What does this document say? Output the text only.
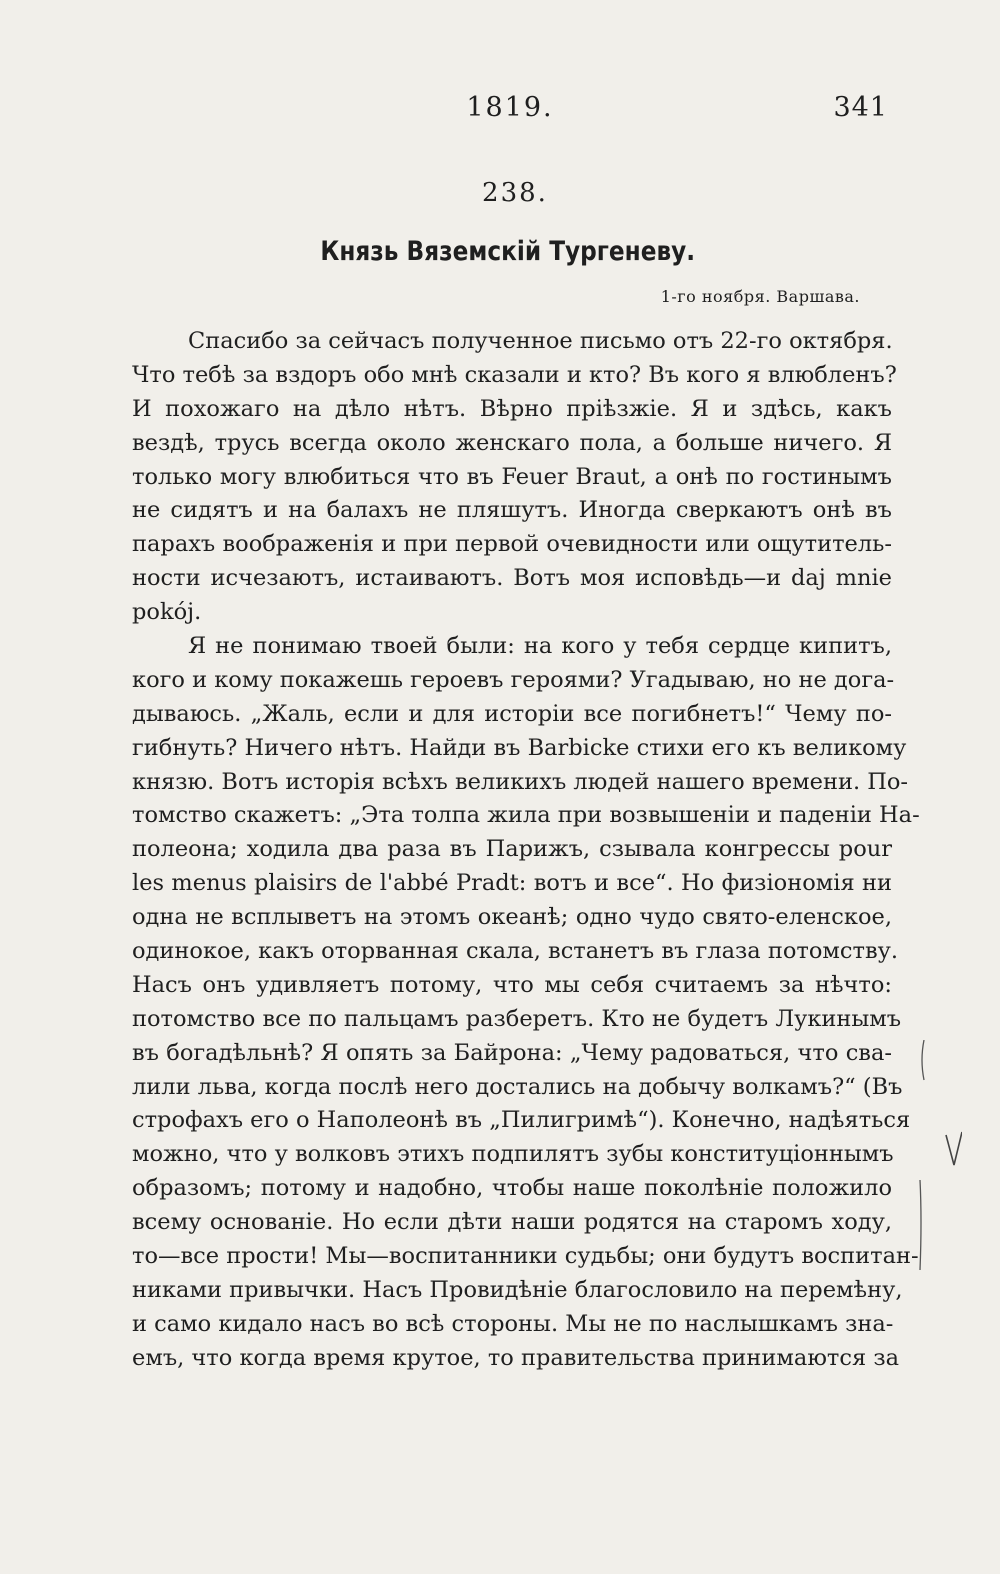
1819.	341
238.
Князь Вяземскій Тургеневу.
1-го ноября. Варшава.
Спасибо за сейчасъ полученное письмо отъ 22-го октября.
Что тебѣ за вздоръ обо мнѣ сказали и кто? Въ кого я влюбленъ?
И похожаго на дѣло нѣтъ. Вѣрно пріѣзжіе. Я и здѣсь, какъ
вездѣ, трусь всегда около женскаго пола, а больше ничего. Я
только могу влюбиться что въ Feuer Braut, а онѣ по гостинымъ
не сидятъ и на балахъ не пляшутъ. Иногда сверкаютъ онѣ въ
парахъ воображенія и при первой очевидности или ощутитель-
ности исчезаютъ, истаиваютъ. Вотъ моя исповѣдь—и daj mnie
pokój.
Я не понимаю твоей были: на кого у тебя сердце кипитъ,
кого и кому покажешь героевъ героями? Угадываю, но не дога-
дываюсь. „Жаль, если и для исторіи все погибнетъ!“ Чему по-
гибнуть? Ничего нѣтъ. Найди въ Barbicke стихи его къ великому
князю. Вотъ исторія всѣхъ великихъ людей нашего времени. По-
томство скажетъ: „Эта толпа жила при возвышеніи и паденіи На-
полеона; ходила два раза въ Парижъ, сзывала конгрессы pour
les menus plaisirs de l'abbé Pradt: вотъ и все“. Но физіономія ни
одна не всплыветъ на этомъ океанѣ; одно чудо свято-еленское,
одинокое, какъ оторванная скала, встанетъ въ глаза потомству.
Насъ онъ удивляетъ потому, что мы себя считаемъ за нѣчто:
потомство все по пальцамъ разберетъ. Кто не будетъ Лукинымъ
въ богадѣльнѣ? Я опять за Байрона: „Чему радоваться, что сва-
лили льва, когда послѣ него достались на добычу волкамъ?“ (Въ
строфахъ его о Наполеонѣ въ „Пилигримѣ“). Конечно, надѣяться
можно, что у волковъ этихъ подпилятъ зубы конституціоннымъ
образомъ; потому и надобно, чтобы наше поколѣніе положило
всему основаніе. Но если дѣти наши родятся на старомъ ходу,
то—все прости! Мы—воспитанники судьбы; они будутъ воспитан-
никами привычки. Насъ Провидѣніе благословило на перемѣну,
и само кидало насъ во всѣ стороны. Мы не по наслышкамъ зна-
емъ, что когда время крутое, то правительства принимаются за
